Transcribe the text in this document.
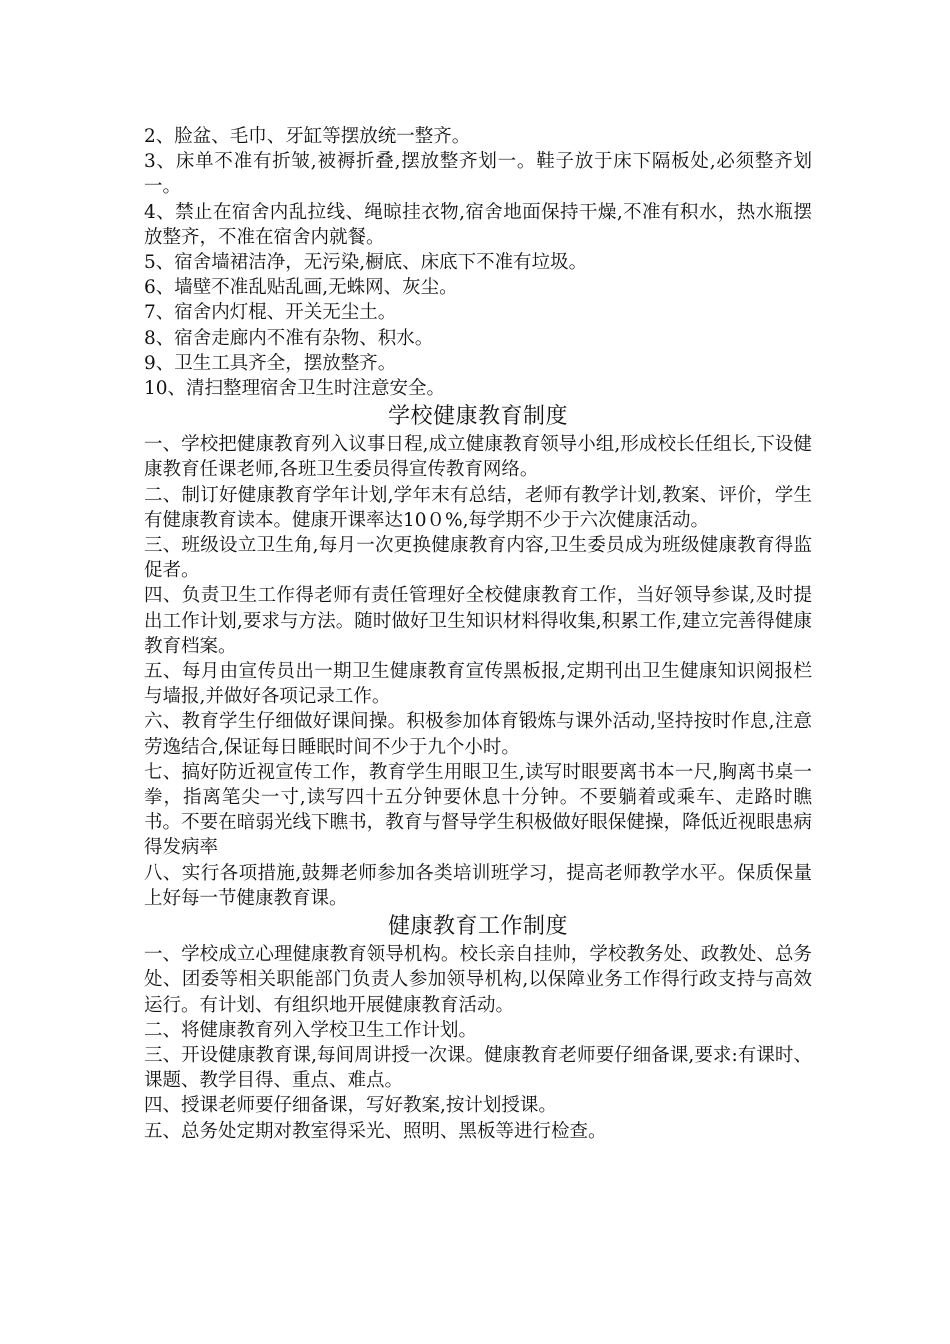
2、脸盆、毛巾、牙缸等摆放统一整齐。

3、床单不准有折皱,被褥折叠,摆放整齐划一。鞋子放于床下隔板处,必须整齐划一。

4、禁止在宿舍内乱拉线、绳晾挂衣物,宿舍地面保持干燥,不准有积水，热水瓶摆放整齐，不准在宿舍内就餐。

5、宿舍墙裙洁净，无污染,橱底、床底下不准有垃圾。

6、墙壁不准乱贴乱画,无蛛网、灰尘。

7、宿舍内灯棍、开关无尘土。

8、宿舍走廊内不准有杂物、积水。

9、卫生工具齐全，摆放整齐。

10、清扫整理宿舍卫生时注意安全。

学校健康教育制度

一、学校把健康教育列入议事日程,成立健康教育领导小组,形成校长任组长,下设健康教育任课老师,各班卫生委员得宣传教育网络。

二、制订好健康教育学年计划,学年末有总结，老师有教学计划,教案、评价，学生有健康教育读本。健康开课率达10０%,每学期不少于六次健康活动。

三、班级设立卫生角,每月一次更换健康教育内容,卫生委员成为班级健康教育得监促者。

四、负责卫生工作得老师有责任管理好全校健康教育工作，当好领导参谋,及时提出工作计划,要求与方法。随时做好卫生知识材料得收集,积累工作,建立完善得健康教育档案。

五、每月由宣传员出一期卫生健康教育宣传黑板报,定期刊出卫生健康知识阅报栏与墙报,并做好各项记录工作。

六、教育学生仔细做好课间操。积极参加体育锻炼与课外活动,坚持按时作息,注意劳逸结合,保证每日睡眠时间不少于九个小时。

七、搞好防近视宣传工作，教育学生用眼卫生,读写时眼要离书本一尺,胸离书桌一拳，指离笔尖一寸,读写四十五分钟要休息十分钟。不要躺着或乘车、走路时瞧书。不要在暗弱光线下瞧书，教育与督导学生积极做好眼保健操，降低近视眼患病得发病率

八、实行各项措施,鼓舞老师参加各类培训班学习，提高老师教学水平。保质保量上好每一节健康教育课。

健康教育工作制度

一、学校成立心理健康教育领导机构。校长亲自挂帅，学校教务处、政教处、总务处、团委等相关职能部门负责人参加领导机构,以保障业务工作得行政支持与高效运行。有计划、有组织地开展健康教育活动。

二、将健康教育列入学校卫生工作计划。

三、开设健康教育课,每间周讲授一次课。健康教育老师要仔细备课,要求:有课时、课题、教学目得、重点、难点。

四、授课老师要仔细备课，写好教案,按计划授课。

五、总务处定期对教室得采光、照明、黑板等进行检查。
